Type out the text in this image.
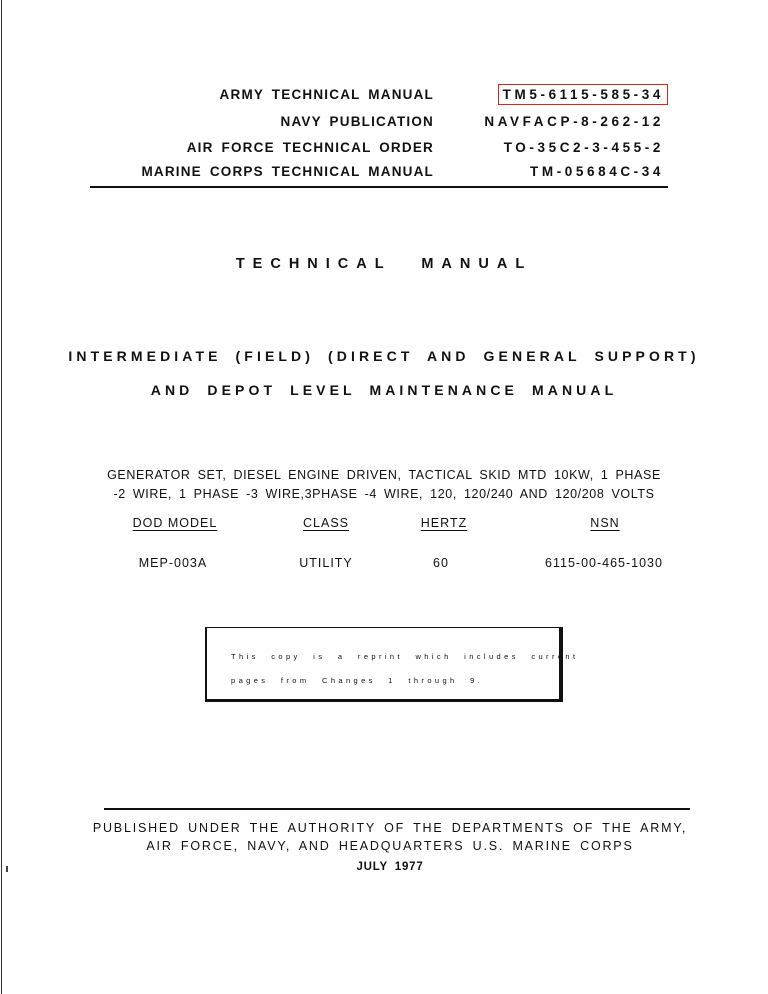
ARMY TECHNICAL MANUAL	TM5-6115-585-34
NAVY PUBLICATION	NAVFACP-8-262-12
AIR FORCE TECHNICAL ORDER	TO-35C2-3-455-2
MARINE CORPS TECHNICAL MANUAL	TM-05684C-34
TECHNICAL MANUAL
INTERMEDIATE (FIELD) (DIRECT AND GENERAL SUPPORT)
AND DEPOT LEVEL MAINTENANCE MANUAL
GENERATOR SET, DIESEL ENGINE DRIVEN, TACTICAL SKID MTD 10KW, 1 PHASE
-2 WIRE, 1 PHASE -3 WIRE,3PHASE -4 WIRE, 120, 120/240 AND 120/208 VOLTS
DOD MODEL	CLASS	HERTZ	NSN
MEP-003A	UTILITY	60	6115-00-465-1030
This copy is a reprint which includes current
pages from Changes 1 through 9.
PUBLISHED UNDER THE AUTHORITY OF THE DEPARTMENTS OF THE ARMY,
AIR FORCE, NAVY, AND HEADQUARTERS U.S. MARINE CORPS
JULY 1977
